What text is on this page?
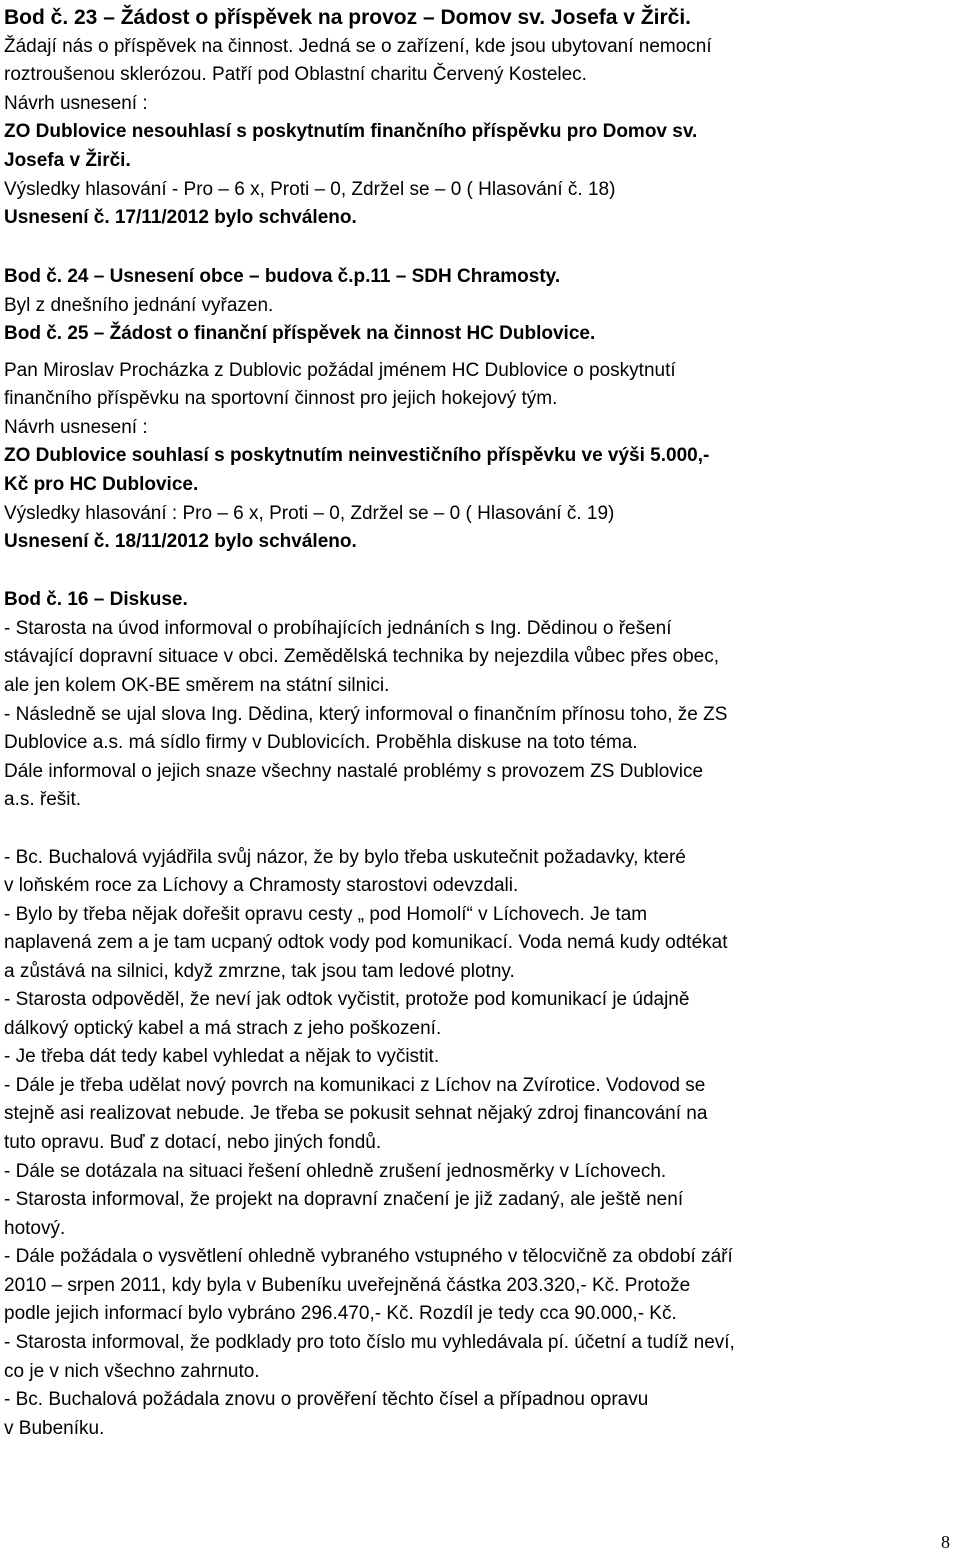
Bod č. 23 – Žádost o příspěvek na provoz – Domov sv. Josefa v Žirči.
Žádají nás o příspěvek na činnost. Jedná se o zařízení, kde jsou ubytovaní nemocní
roztroušenou sklerózou. Patří pod Oblastní charitu Červený Kostelec.
Návrh usnesení :
ZO Dublovice nesouhlasí s poskytnutím finančního příspěvku pro Domov sv.
Josefa v Žirči.
Výsledky hlasování - Pro – 6 x, Proti – 0, Zdržel se – 0 ( Hlasování č. 18)
Usnesení č. 17/11/2012 bylo schváleno.
Bod č. 24 – Usnesení obce – budova č.p.11 – SDH Chramosty.
Byl z dnešního jednání vyřazen.
Bod č. 25 – Žádost o finanční příspěvek na činnost HC Dublovice.
Pan Miroslav Procházka z Dublovic požádal jménem HC Dublovice o poskytnutí
finančního příspěvku na sportovní činnost pro jejich hokejový tým.
Návrh usnesení :
ZO Dublovice souhlasí s poskytnutím neinvestičního příspěvku ve výši 5.000,-
Kč pro HC Dublovice.
Výsledky hlasování : Pro – 6 x, Proti – 0, Zdržel se – 0 ( Hlasování č. 19)
Usnesení č. 18/11/2012 bylo schváleno.
Bod č. 16 – Diskuse.
- Starosta na úvod informoval o probíhajících jednáních s Ing. Dědinou o řešení
stávající dopravní situace v obci. Zemědělská technika by nejezdila vůbec přes obec,
ale jen kolem OK-BE směrem na státní silnici.
- Následně se ujal slova Ing. Dědina, který informoval o finančním přínosu toho, že ZS
Dublovice a.s. má sídlo firmy v Dublovicích. Proběhla diskuse na toto téma.
Dále informoval o jejich snaze všechny nastalé problémy s provozem ZS Dublovice
a.s. řešit.
- Bc. Buchalová vyjádřila svůj názor, že by bylo třeba uskutečnit požadavky, které
v loňském roce za Líchovy a Chramosty starostovi odevzdali.
- Bylo by třeba nějak dořešit opravu cesty „ pod Homolí“ v Líchovech. Je tam
naplavená zem a je tam ucpaný odtok vody pod komunikací. Voda nemá kudy odtékat
a zůstává na silnici, když zmrzne, tak jsou tam ledové plotny.
- Starosta odpověděl, že neví jak odtok vyčistit, protože pod komunikací je údajně
dálkový optický kabel a má strach z jeho poškození.
- Je třeba dát tedy kabel vyhledat a nějak to vyčistit.
- Dále je třeba udělat nový povrch na komunikaci z Líchov na Zvírotice. Vodovod se
stejně asi realizovat nebude. Je třeba se pokusit sehnat nějaký zdroj financování na
tuto opravu. Buď z dotací, nebo jiných fondů.
- Dále se dotázala na situaci řešení ohledně zrušení jednosměrky v Líchovech.
- Starosta informoval, že projekt na dopravní značení je již zadaný, ale ještě není
hotový.
- Dále požádala o vysvětlení ohledně vybraného vstupného v tělocvičně za období září
2010 – srpen 2011, kdy byla v Bubeníku uveřejněná částka 203.320,- Kč. Protože
podle jejich informací bylo vybráno 296.470,- Kč. Rozdíl je tedy cca 90.000,- Kč.
- Starosta informoval, že podklady pro toto číslo mu vyhledávala pí. účetní a tudíž neví,
co je v nich všechno zahrnuto.
- Bc. Buchalová požádala znovu o prověření těchto čísel a případnou opravu
v Bubeníku.
8
